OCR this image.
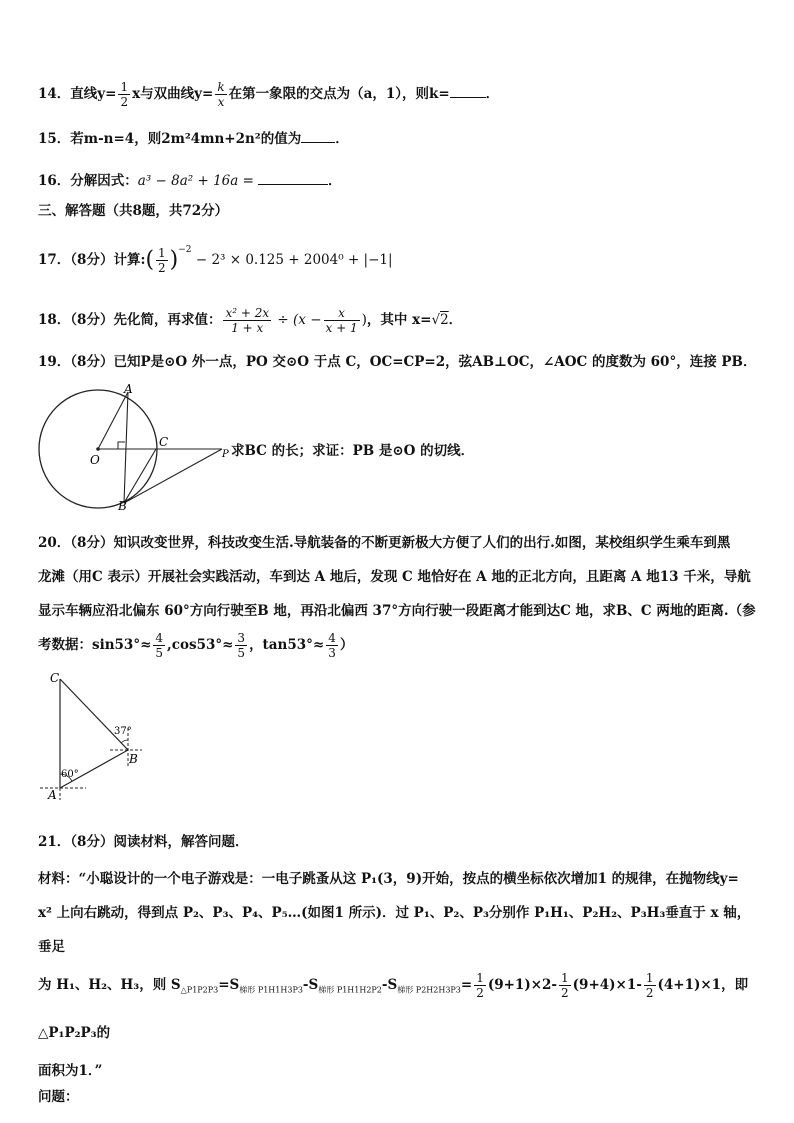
14．直线$y= \frac{1}{2}$ x与双曲线$y= \frac{k}{x}$ 在第一象限的交点为（a，1），则k=	．
15．若m-n=4，则2m²4mn+2n²的值为	．
16．分解因式：a³ − 8a² + 16a =	．
三、解答题（共8题，共72分）
17．（8分）计算:( $\frac{1}{2} )^{-2} - 2^3 \times 0.125 + 2004^0 + |-1|$
18．（8分）先化简，再求值： $\frac{\text{x² + 2x}}{1 + x} \div (x - \frac{x}{x + 1}$ )，其中 x=√2．
19．（8分）已知P是⊙O 外一点，PO 交⊙O 于点 C，OC=CP=2，弦AB⊥OC，∠AOC 的度数为 60°，连接 PB．
A
O
C
P
B
求BC 的长；求证：PB 是⊙O 的切线．
20．（8分）知识改变世界，科技改变生活.导航装备的不断更新极大方便了人们的出行.如图，某校组织学生乘车到黑
龙滩（用C 表示）开展社会实践活动，车到达 A 地后，发现 C 地恰好在 A 地的正北方向，且距离 A 地13 千米，导航
显示车辆应沿北偏东 60°方向行驶至B 地，再沿北偏西 37°方向行驶一段距离才能到达C 地，求B、C 两地的距离.（参
考数据：$\sin 53^\circ\approx \frac{4}{5} ,\cos 53^\circ\approx \frac{3}{5}$ ，$\tan 53^\circ\approx \frac{4}{3}$ ）
C
A
B
37°
60°
21．（8分）阅读材料，解答问题．
材料：“小聪设计的一个电子游戏是：一电子跳蚤从这 P₁(3，9)开始，按点的横坐标依次增加1 的规律，在抛物线y=
x² 上向右跳动，得到点 P₂、P₃、P₄、P₅…(如图1 所示)．过 P₁、P₂、P₃分别作 P₁H₁、P₂H₂、P₃H₃垂直于 x 轴，垂足
为 H₁、H₂、H₃，则 $S_{\triangle P1P2P3}=S_{梯形 P1H1H3P3}-S_{梯形 P1H1H2P2}-S_{梯形 P2H2H3P3}= \frac{1}{2} (9+1)\times 2- \frac{1}{2} (9+4)\times 1- \frac{1}{2} (4+1)\times 1$，即△P₁P₂P₃的
面积为1．”
问题：
